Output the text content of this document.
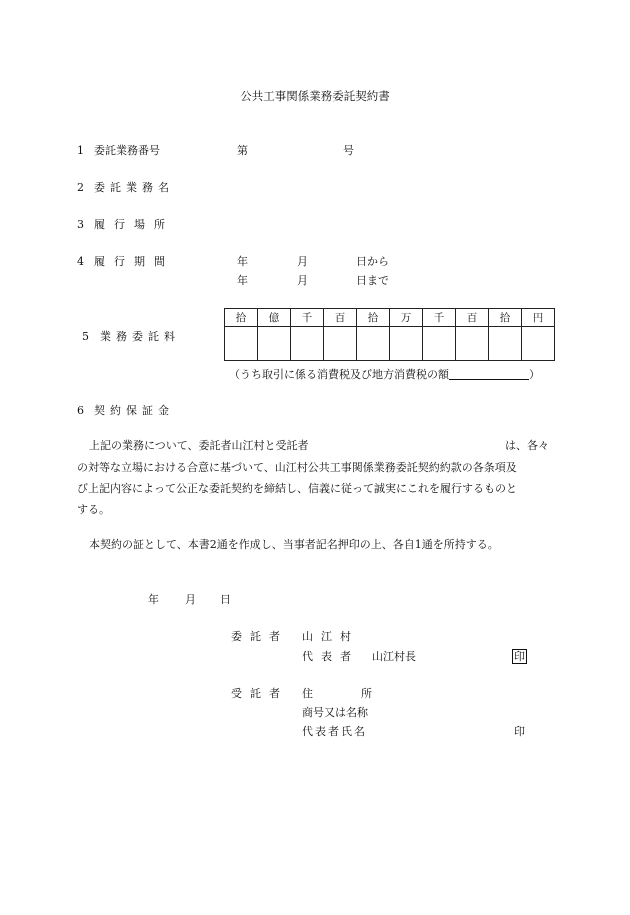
公共工事関係業務委託契約書
1 委託業務番号	第	号
2 委託業務名
3 履行場所
4 履行期間	年	月	日から
年	月	日まで
5 業務委託料
拾	億	千	百	拾	万	千	百	拾	円

（うち取引に係る消費税及び地方消費税の額	）
6 契約保証金
上記の業務について、委託者山江村と受託者	は、各々
の対等な立場における合意に基づいて、山江村公共工事関係業務委託契約約款の各条項及
び上記内容によって公正な委託契約を締結し、信義に従って誠実にこれを履行するものと
する。
本契約の証として、本書2通を作成し、当事者記名押印の上、各自1通を所持する。
年 月 日
委託者 山江村
代表者 山江村長	印
受託者 住所
商号又は名称
代表者氏名	印
